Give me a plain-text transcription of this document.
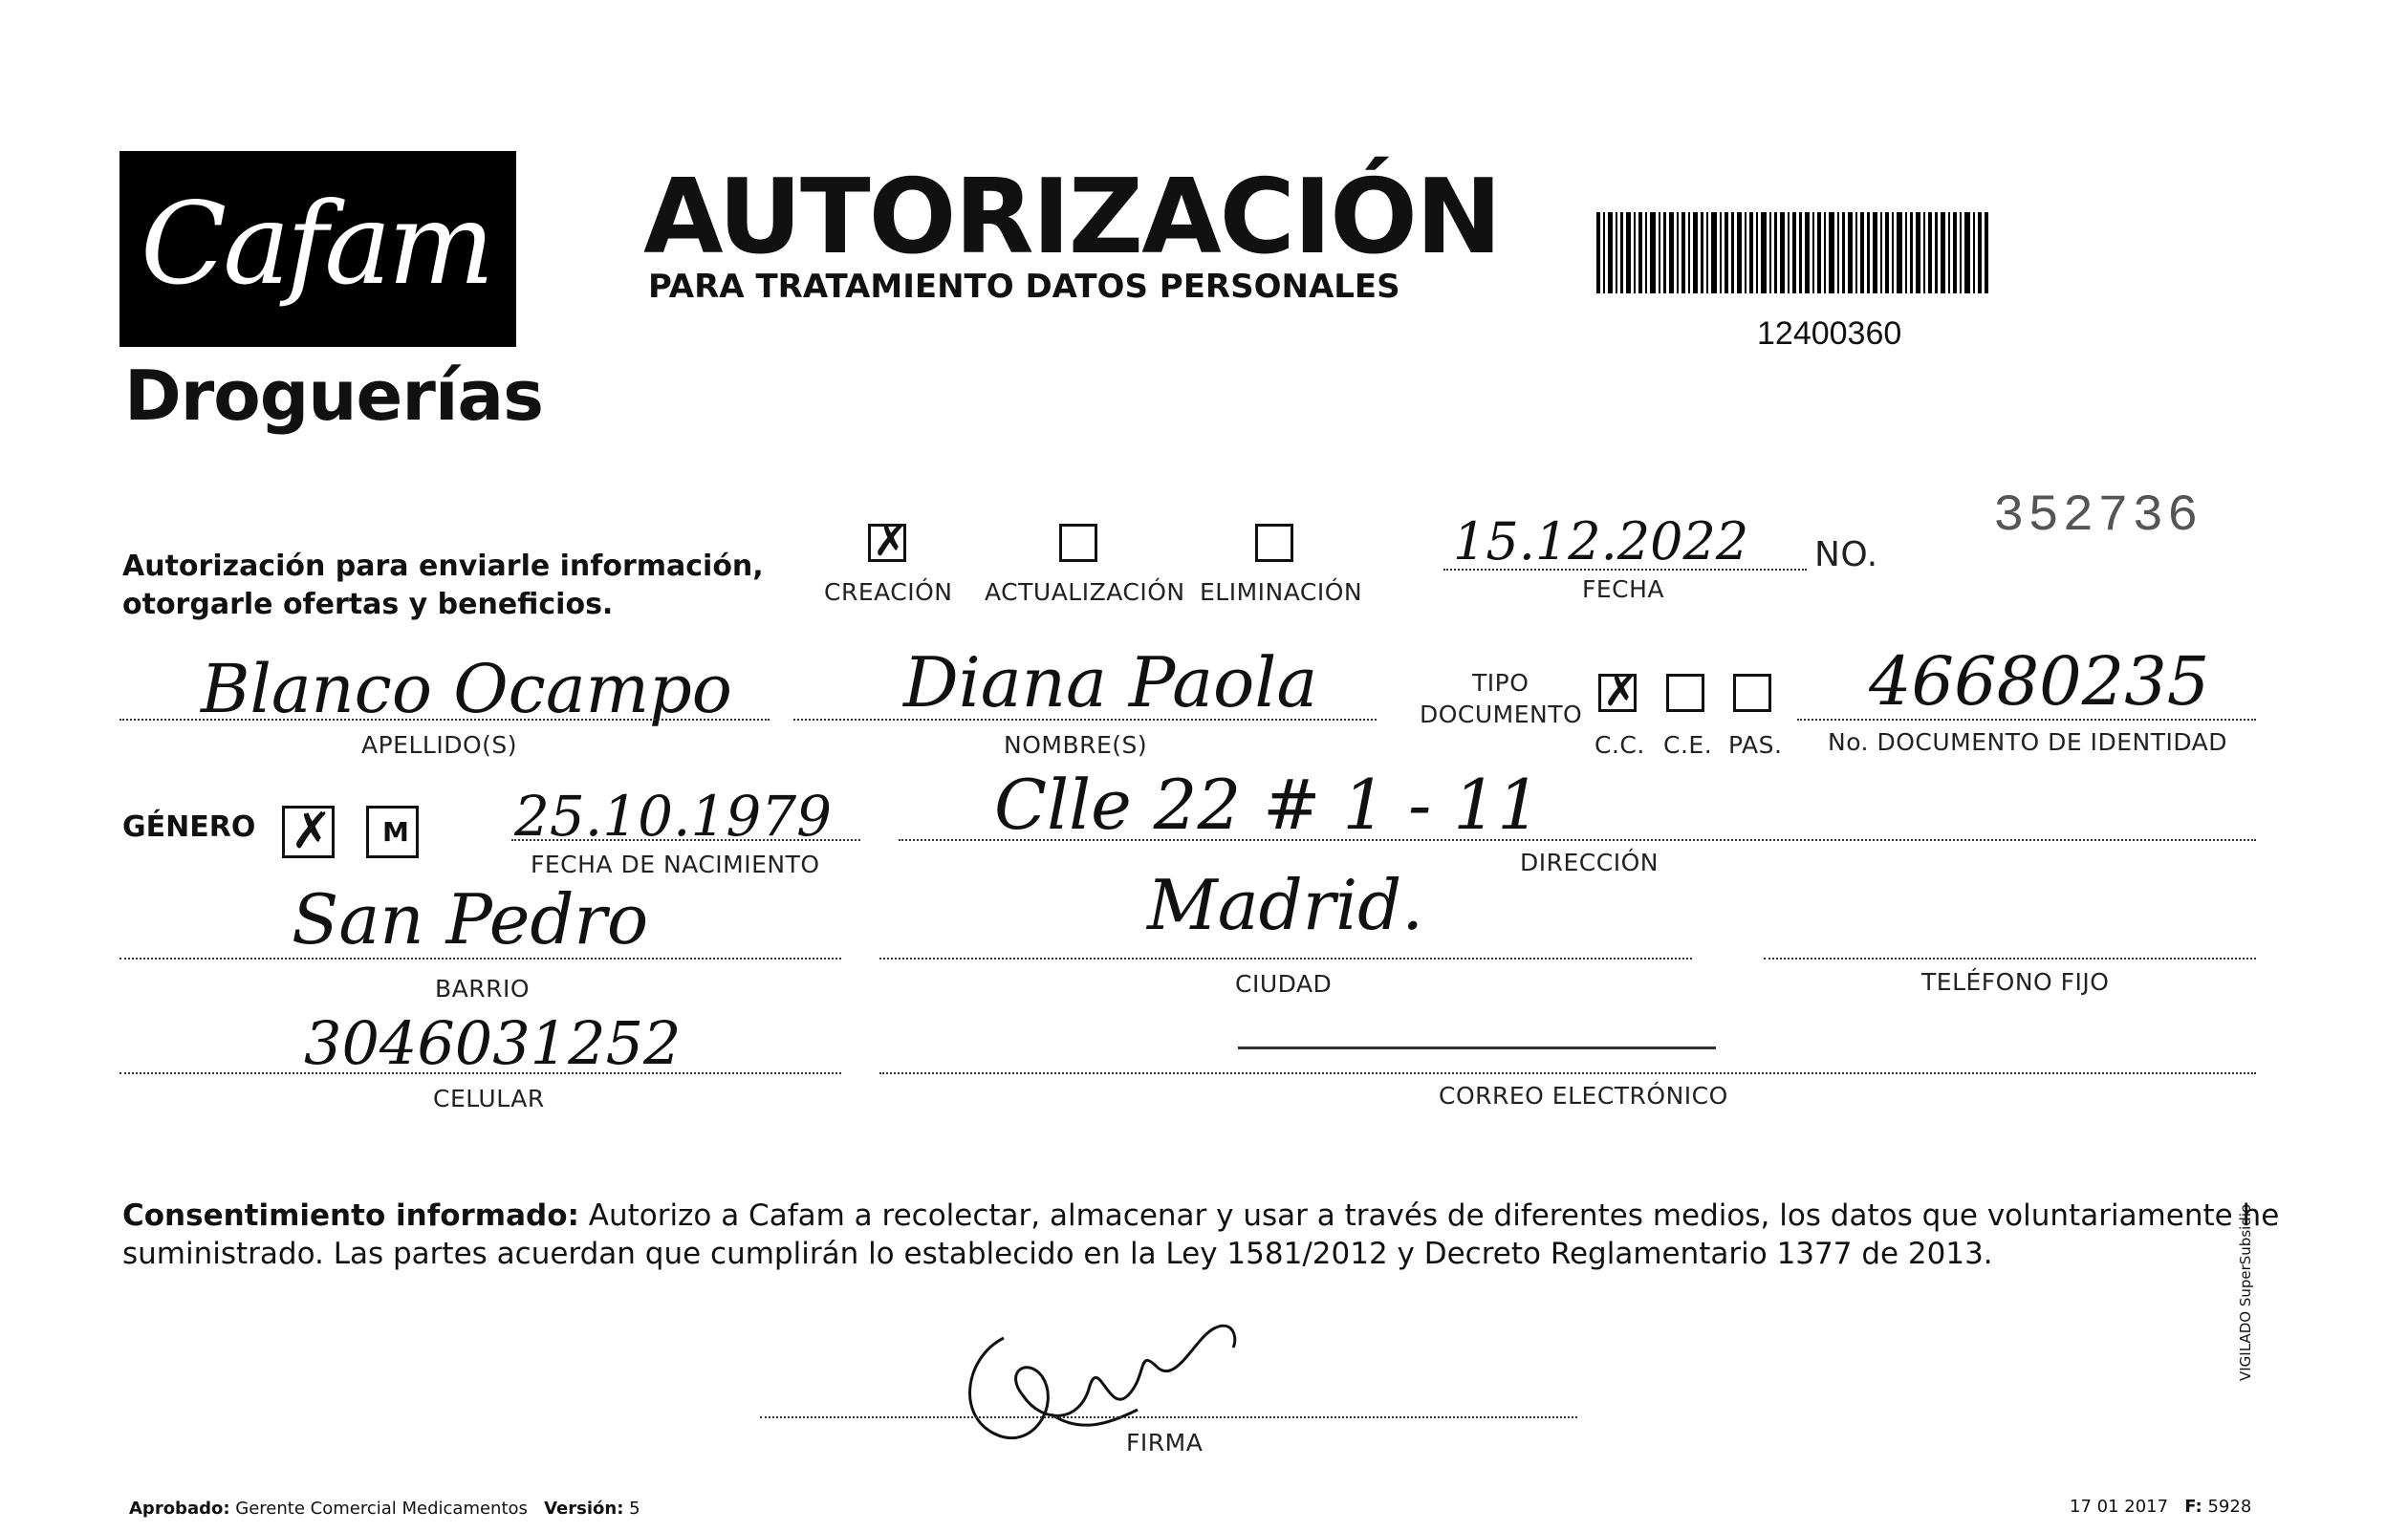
Cafam
Droguerías
AUTORIZACIÓN
PARA TRATAMIENTO DATOS PERSONALES
12400360
NO.
352736
Autorización para enviarle información,
otorgarle ofertas y beneficios.
✗
CREACIÓN ACTUALIZACIÓN ELIMINACIÓN
15.12.2022
FECHA
Blanco Ocampo
APELLIDO(S)
Diana Paola
NOMBRE(S)
TIPO
DOCUMENTO ✗
C.C. C.E. PAS.
46680235
No. DOCUMENTO DE IDENTIDAD
GÉNERO ✗ M 25.10.1979
FECHA DE NACIMIENTO
Clle 22 # 1 - 11
DIRECCIÓN
San Pedro
BARRIO
Madrid.
CIUDAD	TELÉFONO FIJO
3046031252
CELULAR	CORREO ELECTRÓNICO
Consentimiento informado: Autorizo a Cafam a recolectar, almacenar y usar a través de diferentes medios, los datos que voluntariamente he
suministrado. Las partes acuerdan que cumplirán lo establecido en la Ley 1581/2012 y Decreto Reglamentario 1377 de 2013.
FIRMA
Aprobado: Gerente Comercial Medicamentos Versión: 5	17 01 2017 F: 5928
VIGILADO SuperSubsidio
